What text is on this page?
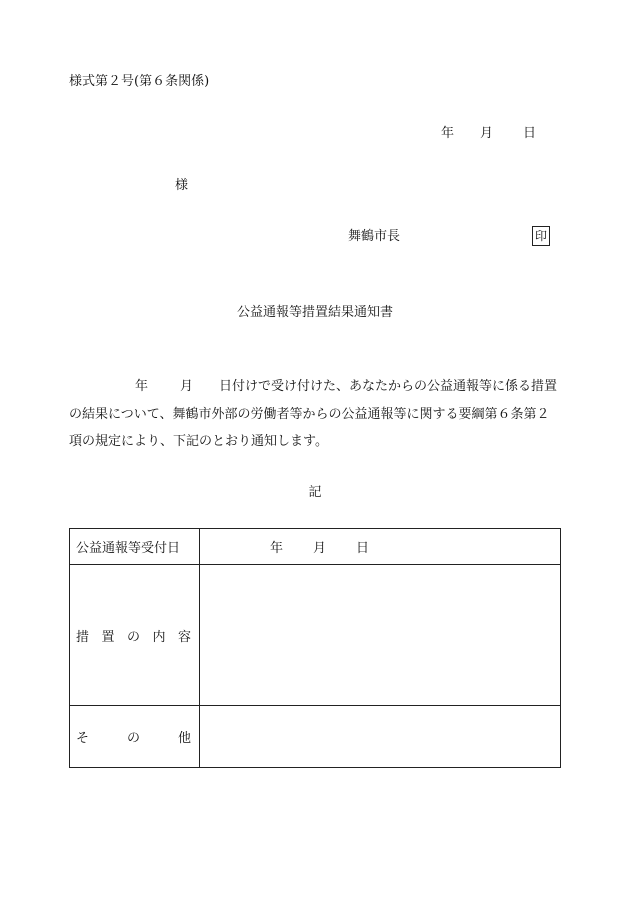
様式第２号(第６条関係)
年 月 日
様
舞鶴市長	印
公益通報等措置結果通知書
年 月 日付けで受け付けた、あなたからの公益通報等に係る措置
の結果について、舞鶴市外部の労働者等からの公益通報等に関する要綱第６条第２
項の規定により、下記のとおり通知します。
記
公益通報等受付日	年 月 日

措 置 の 内 容	

そ の 他	
